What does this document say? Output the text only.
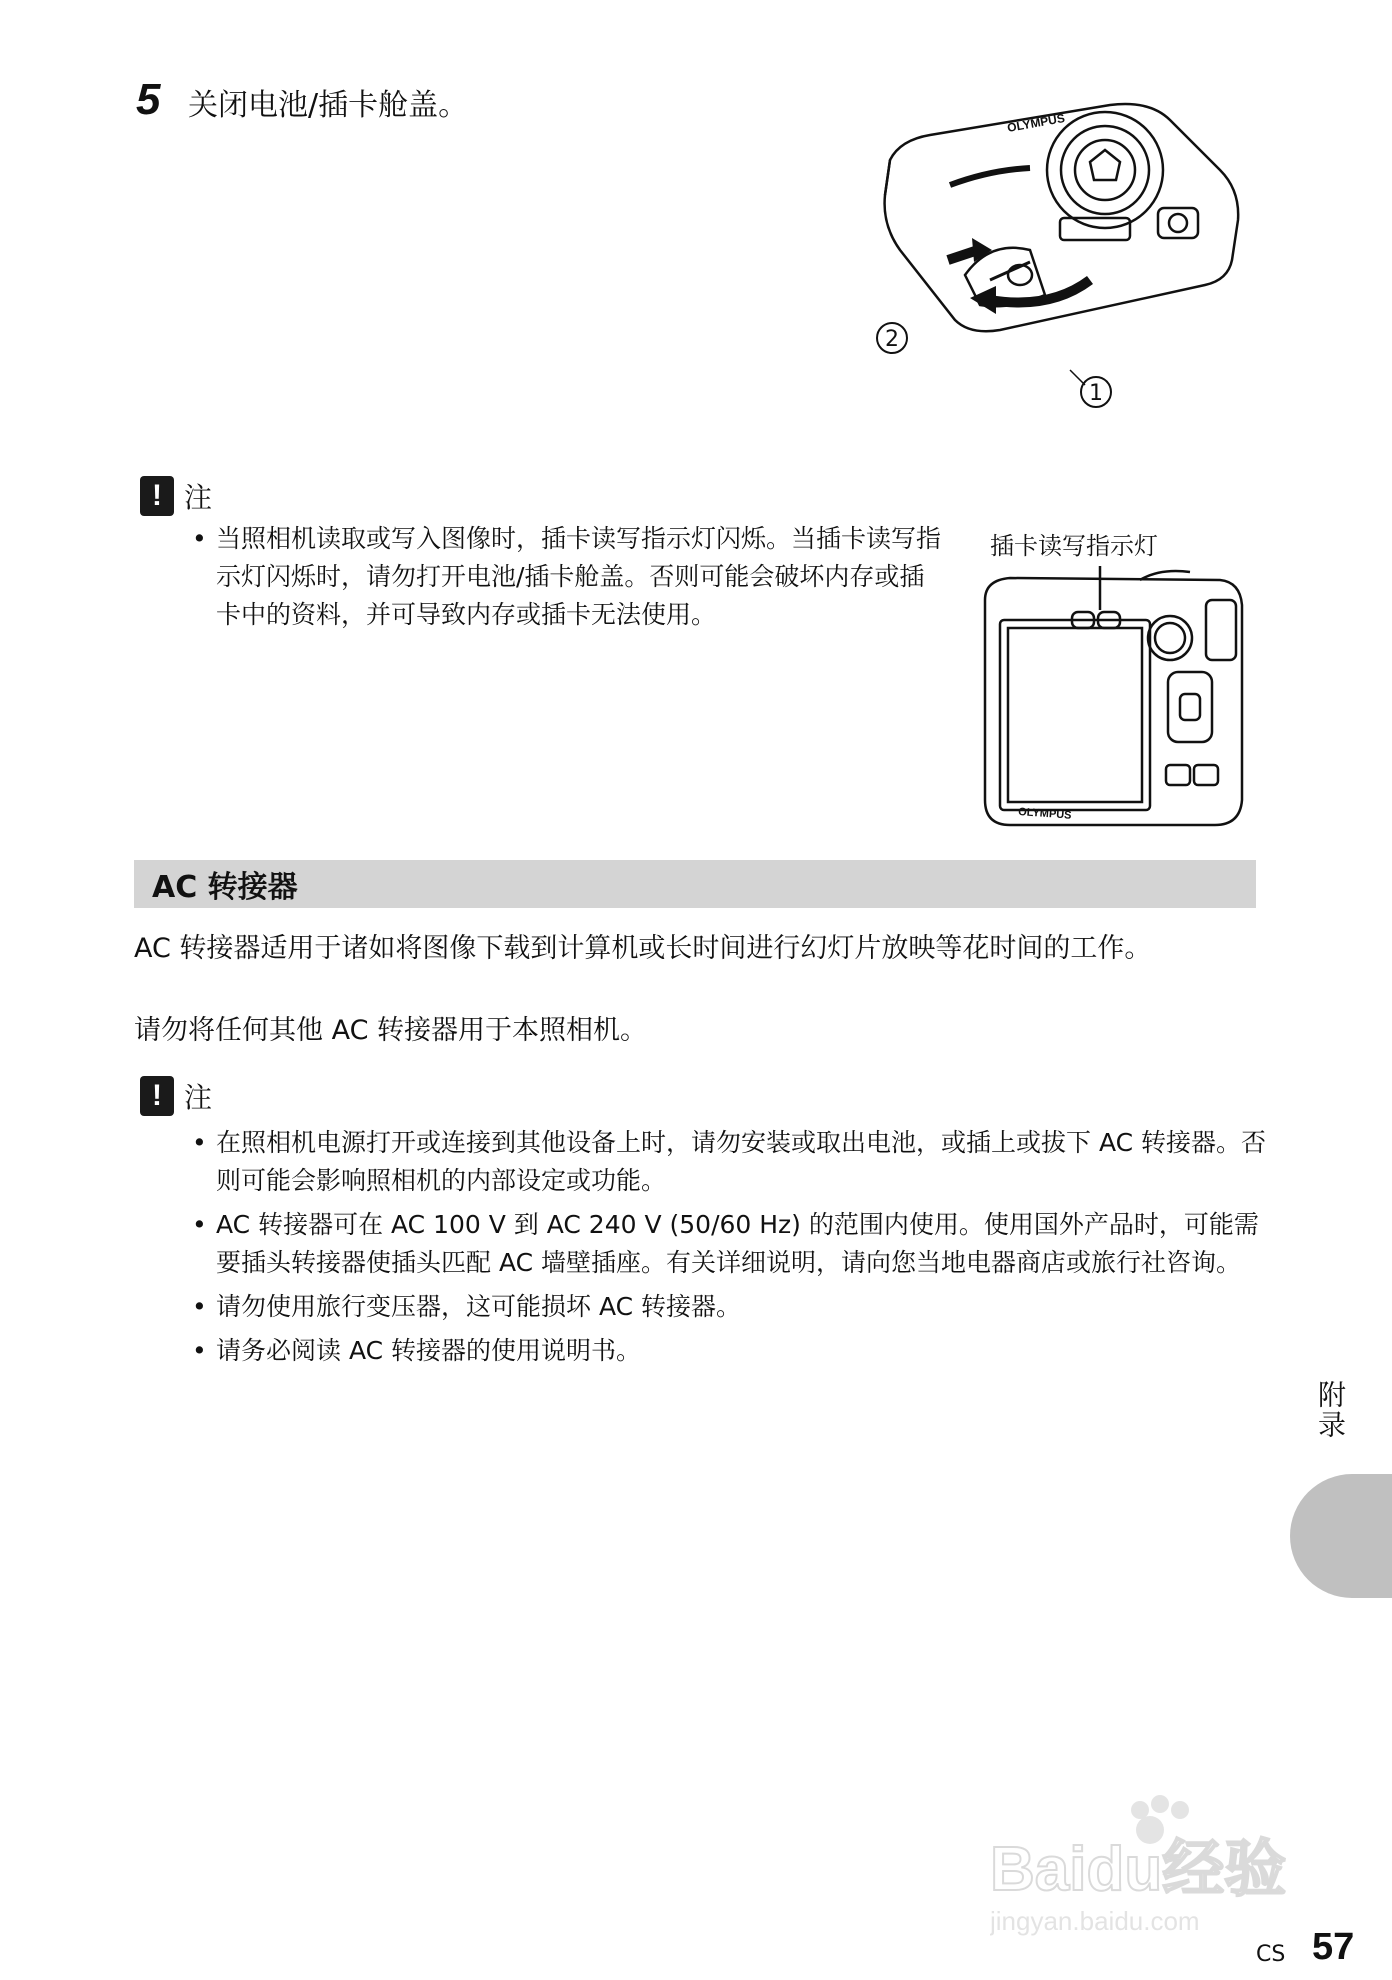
5 关闭电池/插卡舱盖。
OLYMPUS
2
1
! 注
• 当照相机读取或写入图像时，插卡读写指示灯闪烁。当插卡读写指示灯闪烁时，请勿打开电池/插卡舱盖。否则可能会破坏内存或插卡中的资料，并可导致内存或插卡无法使用。
插卡读写指示灯
OLYMPUS
AC 转接器
AC 转接器适用于诸如将图像下载到计算机或长时间进行幻灯片放映等花时间的工作。
请勿将任何其他 AC 转接器用于本照相机。
! 注
• 在照相机电源打开或连接到其他设备上时，请勿安装或取出电池，或插上或拔下 AC 转接器。否则可能会影响照相机的内部设定或功能。
• AC 转接器可在 AC 100 V 到 AC 240 V (50/60 Hz) 的范围内使用。使用国外产品时，可能需要插头转接器使插头匹配 AC 墙壁插座。有关详细说明，请向您当地电器商店或旅行社咨询。
• 请勿使用旅行变压器，这可能损坏 AC 转接器。
• 请务必阅读 AC 转接器的使用说明书。
附录
Baidu经验
jingyan.baidu.com
CS 57
